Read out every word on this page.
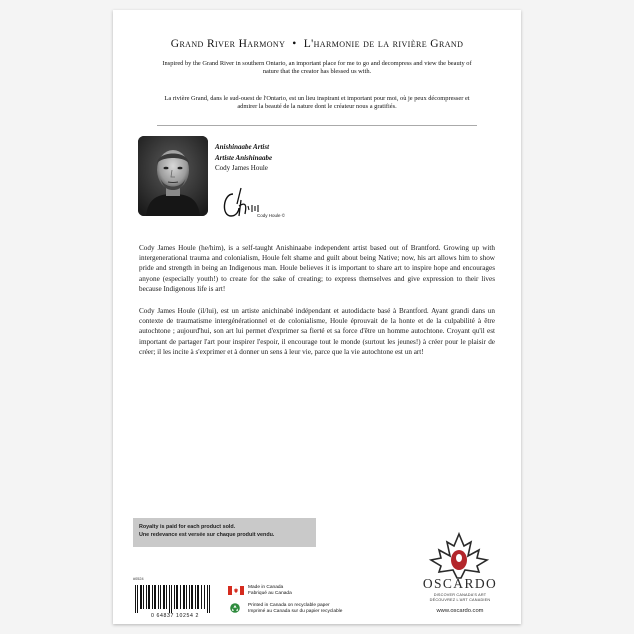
Grand River Harmony • L'harmonie de la rivière Grand
Inspired by the Grand River in southern Ontario, an important place for me to go and decompress and view the beauty of nature that the creator has blessed us with.
La rivière Grand, dans le sud-ouest de l'Ontario, est un lieu inspirant et important pour moi, où je peux décompresser et admirer la beauté de la nature dont le créateur nous a gratifiés.
Anishinaabe Artist
Artiste Anishinaabe
Cody James Houle
Cody Houle ©
Cody James Houle (he/him), is a self-taught Anishinaabe independent artist based out of Brantford. Growing up with intergenerational trauma and colonialism, Houle felt shame and guilt about being Native; now, his art allows him to show pride and strength in being an Indigenous man. Houle believes it is important to share art to inspire hope and encourages anyone (especially youth!) to create for the sake of creating; to express themselves and give expression to their lives because Indigenous life is art!
Cody James Houle (il/lui), est un artiste anichinabé indépendant et autodidacte basé à Brantford. Ayant grandi dans un contexte de traumatisme intergénérationnel et de colonialisme, Houle éprouvait de la honte et de la culpabilité à être autochtone ; aujourd'hui, son art lui permet d'exprimer sa fierté et sa force d'être un homme autochtone. Croyant qu'il est important de partager l'art pour inspirer l'espoir, il encourage tout le monde (surtout les jeunes!) à créer pour le plaisir de créer; il les incite à s'exprimer et à donner un sens à leur vie, parce que la vie autochtone est un art!
Royalty is paid for each product sold.
Une redevance est versée sur chaque produit vendu.
#0524
0 64837 10254 2
Made in Canada
Fabriqué au Canada
Printed in Canada on recyclable paper
Imprimé au Canada sur du papier recyclable
OSCARDO
DISCOVER CANADA'S ART
DÉCOUVREZ L'ART CANADIEN
www.oscardo.com
